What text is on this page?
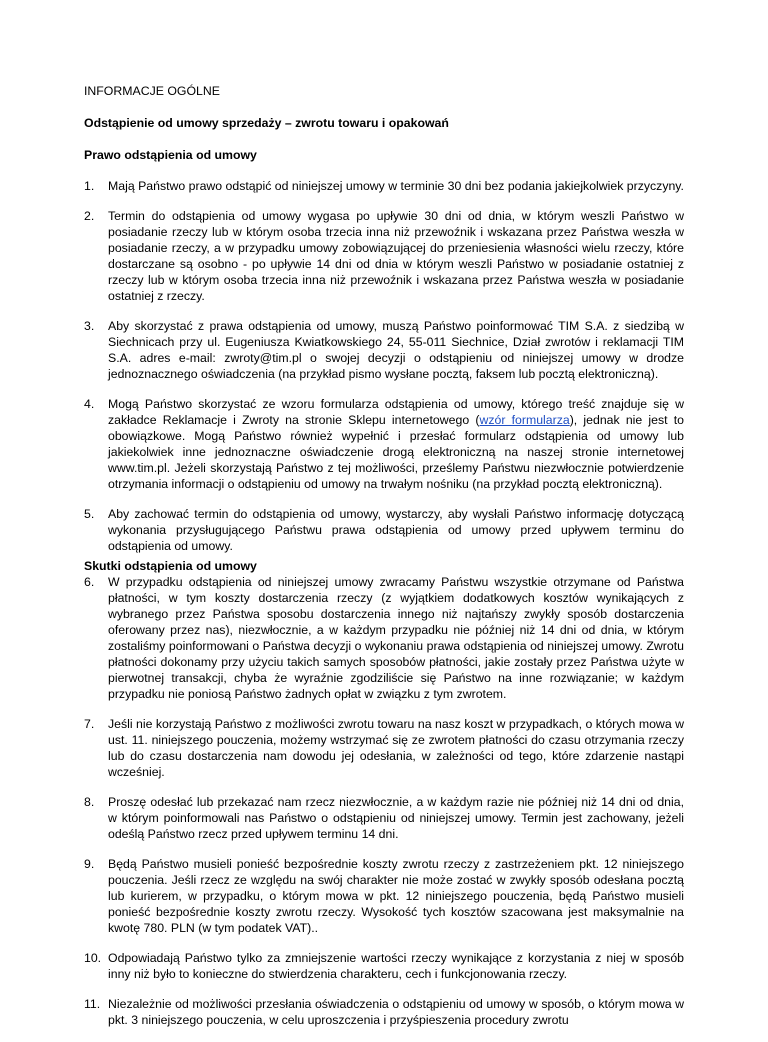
INFORMACJE OGÓLNE

Odstąpienie od umowy sprzedaży – zwrotu towaru i opakowań

Prawo odstąpienia od umowy

1. Mają Państwo prawo odstąpić od niniejszej umowy w terminie 30 dni bez podania jakiejkolwiek przyczyny.
2. Termin do odstąpienia od umowy wygasa po upływie 30 dni od dnia, w którym weszli Państwo w posiadanie rzeczy lub w którym osoba trzecia inna niż przewoźnik i wskazana przez Państwa weszła w posiadanie rzeczy, a w przypadku umowy zobowiązującej do przeniesienia własności wielu rzeczy, które dostarczane są osobno - po upływie 14 dni od dnia w którym weszli Państwo w posiadanie ostatniej z rzeczy lub w którym osoba trzecia inna niż przewoźnik i wskazana przez Państwa weszła w posiadanie ostatniej z rzeczy.
3. Aby skorzystać z prawa odstąpienia od umowy, muszą Państwo poinformować TIM S.A. z siedzibą w Siechnicach przy ul. Eugeniusza Kwiatkowskiego 24, 55-011 Siechnice, Dział zwrotów i reklamacji TIM S.A. adres e-mail: zwroty@tim.pl o swojej decyzji o odstąpieniu od niniejszej umowy w drodze jednoznacznego oświadczenia (na przykład pismo wysłane pocztą, faksem lub pocztą elektroniczną).
4. Mogą Państwo skorzystać ze wzoru formularza odstąpienia od umowy, którego treść znajduje się w zakładce Reklamacje i Zwroty na stronie Sklepu internetowego (wzór formularza), jednak nie jest to obowiązkowe. Mogą Państwo również wypełnić i przesłać formularz odstąpienia od umowy lub jakiekolwiek inne jednoznaczne oświadczenie drogą elektroniczną na naszej stronie internetowej www.tim.pl. Jeżeli skorzystają Państwo z tej możliwości, prześlemy Państwu niezwłocznie potwierdzenie otrzymania informacji o odstąpieniu od umowy na trwałym nośniku (na przykład pocztą elektroniczną).
5. Aby zachować termin do odstąpienia od umowy, wystarczy, aby wysłali Państwo informację dotyczącą wykonania przysługującego Państwu prawa odstąpienia od umowy przed upływem terminu do odstąpienia od umowy.

Skutki odstąpienia od umowy

6. W przypadku odstąpienia od niniejszej umowy zwracamy Państwu wszystkie otrzymane od Państwa płatności, w tym koszty dostarczenia rzeczy (z wyjątkiem dodatkowych kosztów wynikających z wybranego przez Państwa sposobu dostarczenia innego niż najtańszy zwykły sposób dostarczenia oferowany przez nas), niezwłocznie, a w każdym przypadku nie później niż 14 dni od dnia, w którym zostaliśmy poinformowani o Państwa decyzji o wykonaniu prawa odstąpienia od niniejszej umowy. Zwrotu płatności dokonamy przy użyciu takich samych sposobów płatności, jakie zostały przez Państwa użyte w pierwotnej transakcji, chyba że wyraźnie zgodziliście się Państwo na inne rozwiązanie; w każdym przypadku nie poniosą Państwo żadnych opłat w związku z tym zwrotem.
7. Jeśli nie korzystają Państwo z możliwości zwrotu towaru na nasz koszt w przypadkach, o których mowa w ust. 11. niniejszego pouczenia, możemy wstrzymać się ze zwrotem płatności do czasu otrzymania rzeczy lub do czasu dostarczenia nam dowodu jej odesłania, w zależności od tego, które zdarzenie nastąpi wcześniej.
8. Proszę odesłać lub przekazać nam rzecz niezwłocznie, a w każdym razie nie później niż 14 dni od dnia, w którym poinformowali nas Państwo o odstąpieniu od niniejszej umowy. Termin jest zachowany, jeżeli odeślą Państwo rzecz przed upływem terminu 14 dni.
9. Będą Państwo musieli ponieść bezpośrednie koszty zwrotu rzeczy z zastrzeżeniem pkt. 12 niniejszego pouczenia. Jeśli rzecz ze względu na swój charakter nie może zostać w zwykły sposób odesłana pocztą lub kurierem, w przypadku, o którym mowa w pkt. 12 niniejszego pouczenia, będą Państwo musieli ponieść bezpośrednie koszty zwrotu rzeczy. Wysokość tych kosztów szacowana jest maksymalnie na kwotę 780. PLN (w tym podatek VAT)..
10. Odpowiadają Państwo tylko za zmniejszenie wartości rzeczy wynikające z korzystania z niej w sposób inny niż było to konieczne do stwierdzenia charakteru, cech i funkcjonowania rzeczy.
11. Niezależnie od możliwości przesłania oświadczenia o odstąpieniu od umowy w sposób, o którym mowa w pkt. 3 niniejszego pouczenia, w celu uproszczenia i przyśpieszenia procedury zwrotu
